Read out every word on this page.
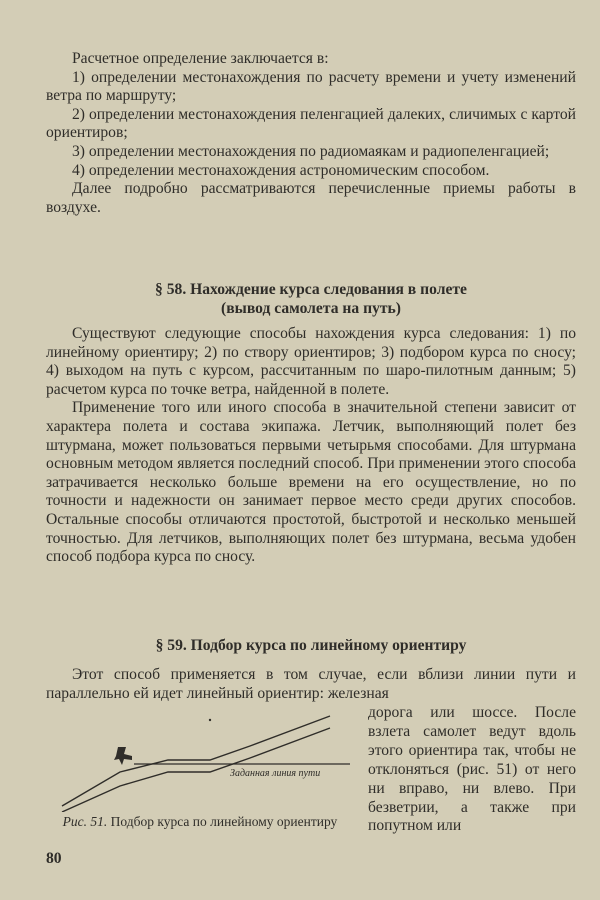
Расчетное определение заключается в:

1) определении местонахождения по расчету времени и учету изменений ветра по маршруту;

2) определении местонахождения пеленгацией далеких, сличимых с картой ориентиров;

3) определении местонахождения по радиомаякам и радиопеленгацией;

4) определении местонахождения астрономическим способом.

Далее подробно рассматриваются перечисленные приемы работы в воздухе.

§ 58. Нахождение курса следования в полете
(вывод самолета на путь)

Существуют следующие способы нахождения курса следования: 1) по линейному ориентиру; 2) по створу ориентиров; 3) подбором курса по сносу; 4) выходом на путь с курсом, рассчитанным по шаро-пилотным данным; 5) расчетом курса по точке ветра, найденной в полете.

Применение того или иного способа в значительной степени зависит от характера полета и состава экипажа. Летчик, выполняющий полет без штурмана, может пользоваться первыми четырьмя способами. Для штурмана основным методом является последний способ. При применении этого способа затрачивается несколько больше времени на его осуществление, но по точности и надежности он занимает первое место среди других способов. Остальные способы отличаются простотой, быстротой и несколько меньшей точностью. Для летчиков, выполняющих полет без штурмана, весьма удобен способ подбора курса по сносу.

§ 59. Подбор курса по линейному ориентиру

Этот способ применяется в том случае, если вблизи линии пути и параллельно ей идет линейный ориентир: железная

дорога или шоссе. После взлета самолет ведут вдоль этого ориентира так, чтобы не отклоняться (рис. 51) от него ни вправо, ни влево. При безветрии, а также при попутном или
Заданная линия пути
Рис. 51. Подбор курса по линейному ориентиру
80
